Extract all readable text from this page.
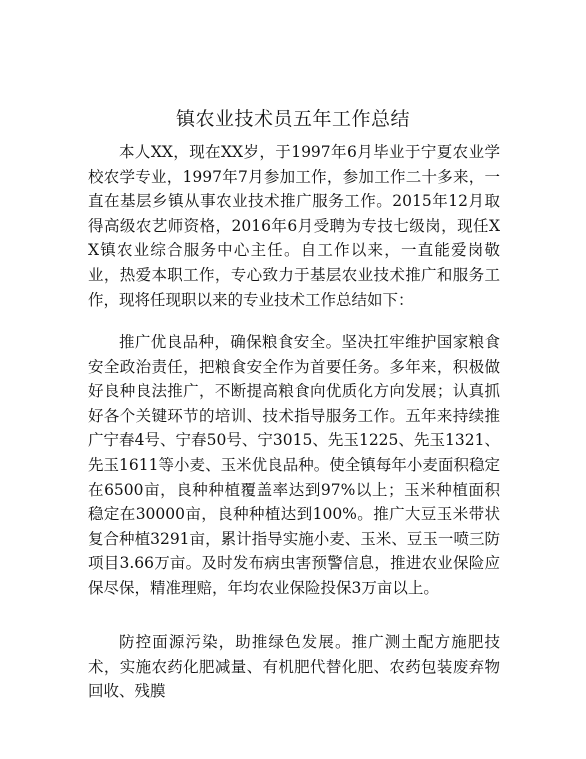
镇农业技术员五年工作总结

本人XX，现在XX岁，于1997年6月毕业于宁夏农业学校农学专业，1997年7月参加工作，参加工作二十多来，一直在基层乡镇从事农业技术推广服务工作。2015年12月取得高级农艺师资格，2016年6月受聘为专技七级岗，现任XX镇农业综合服务中心主任。自工作以来，一直能爱岗敬业，热爱本职工作，专心致力于基层农业技术推广和服务工作，现将任现职以来的专业技术工作总结如下：

推广优良品种，确保粮食安全。坚决扛牢维护国家粮食安全政治责任，把粮食安全作为首要任务。多年来，积极做好良种良法推广，不断提高粮食向优质化方向发展；认真抓好各个关键环节的培训、技术指导服务工作。五年来持续推广宁春4号、宁春50号、宁3015、先玉1225、先玉1321、先玉1611等小麦、玉米优良品种。使全镇每年小麦面积稳定在6500亩，良种种植覆盖率达到97%以上；玉米种植面积稳定在30000亩，良种种植达到100%。推广大豆玉米带状复合种植3291亩，累计指导实施小麦、玉米、豆玉一喷三防项目3.66万亩。及时发布病虫害预警信息，推进农业保险应保尽保，精准理赔，年均农业保险投保3万亩以上。

防控面源污染，助推绿色发展。推广测土配方施肥技术，实施农药化肥减量、有机肥代替化肥、农药包装废弃物回收、残膜
